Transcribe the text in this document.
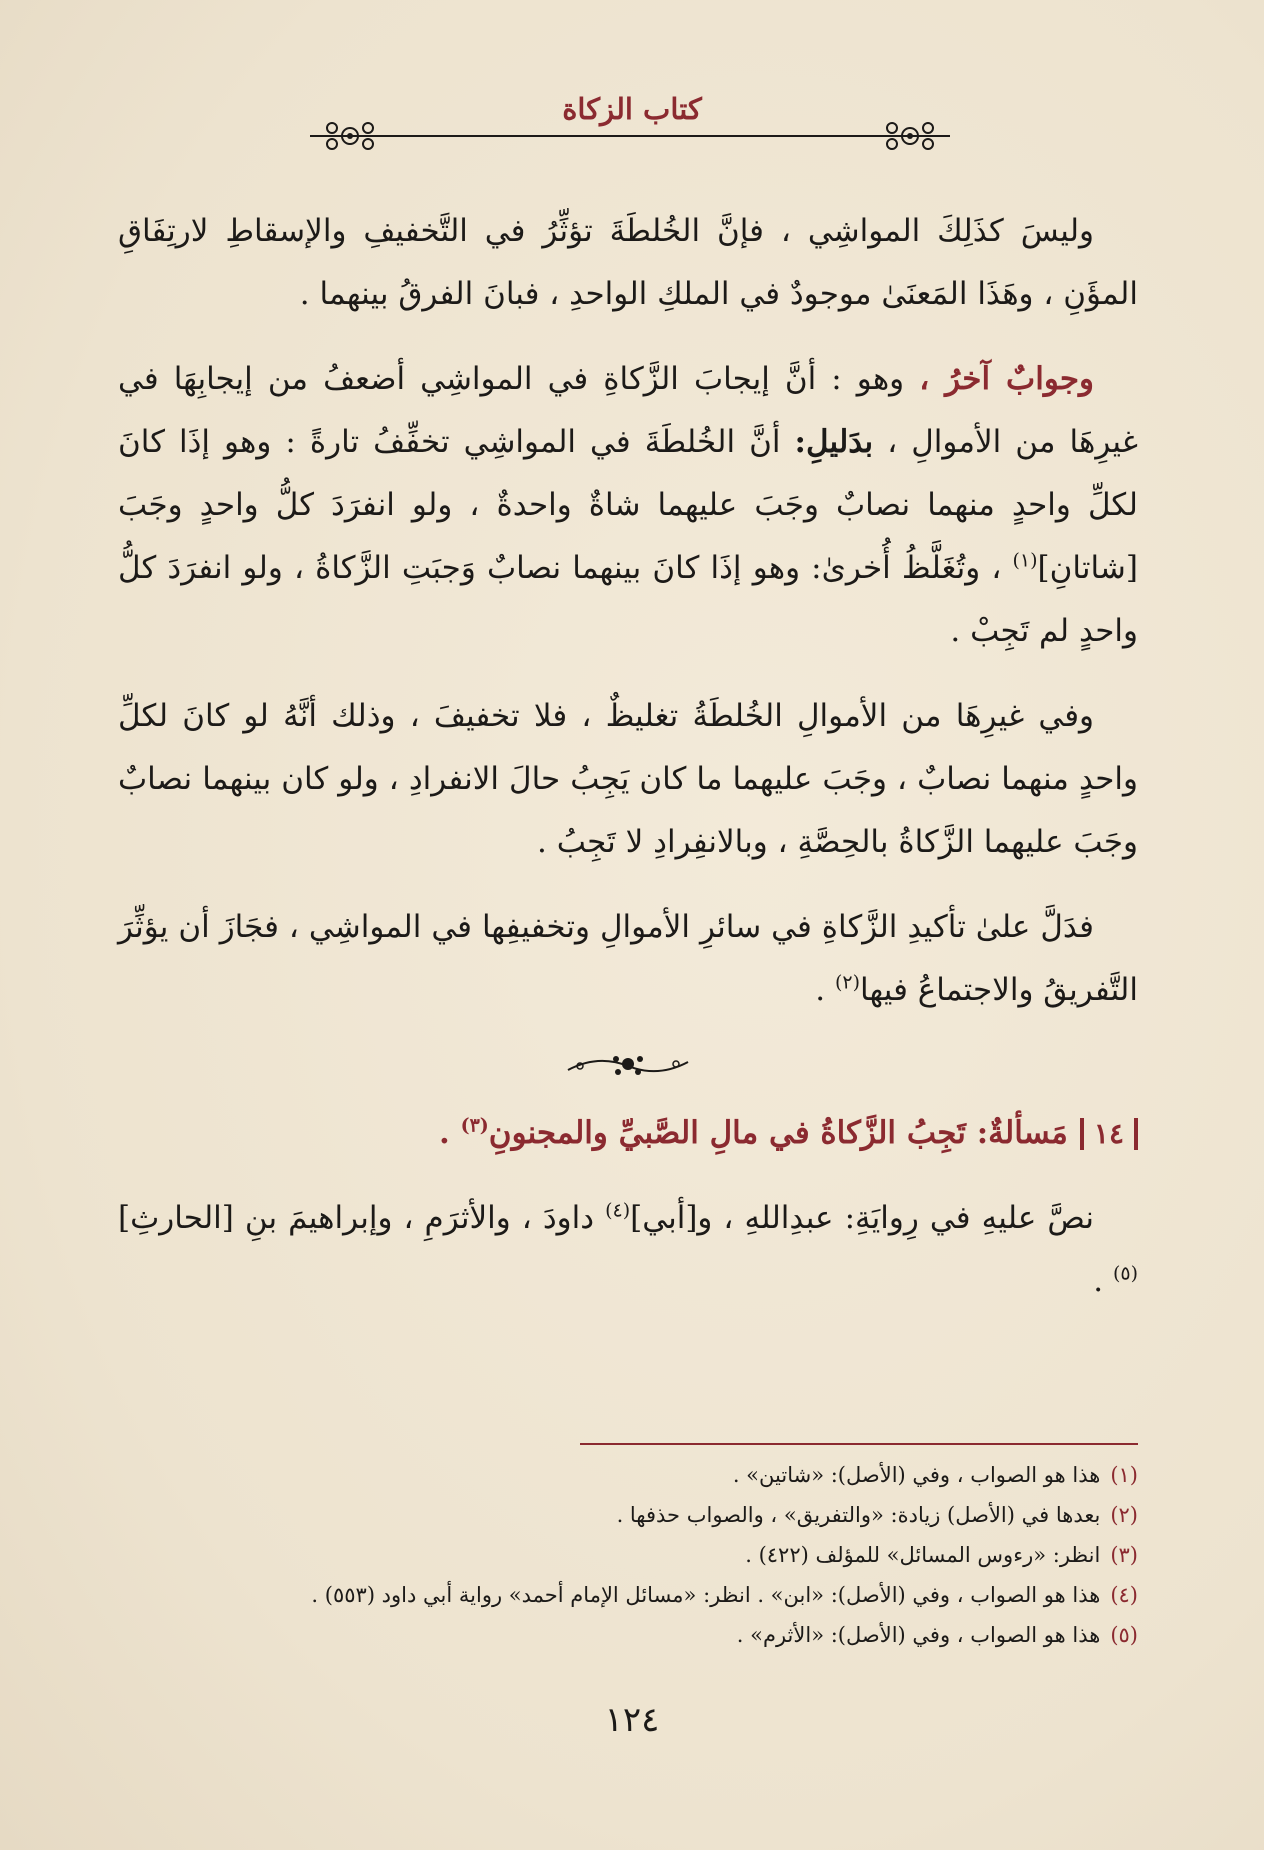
كتاب الزكاة

وليسَ كذَلِكَ المواشِي ، فإنَّ الخُلطَةَ تؤثِّرُ في التَّخفيفِ والإسقاطِ لارتِفَاقِ المؤَنِ ، وهَذَا المَعنَىٰ موجودٌ في الملكِ الواحدِ ، فبانَ الفرقُ بينهما .

وجوابٌ آخرُ ، وهو : أنَّ إيجابَ الزَّكاةِ في المواشِي أضعفُ من إيجابِهَا في غيرِهَا من الأموالِ ، بدَليلِ: أنَّ الخُلطَةَ في المواشِي تخفِّفُ تارةً : وهو إذَا كانَ لكلِّ واحدٍ منهما نصابٌ وجَبَ عليهما شاةٌ واحدةٌ ، ولو انفرَدَ كلُّ واحدٍ وجَبَ [شاتانِ]$^{(١)}$ ، وتُغَلَّظُ أُخرىٰ: وهو إذَا كانَ بينهما نصابٌ وَجبَتِ الزَّكاةُ ، ولو انفرَدَ كلُّ واحدٍ لم تَجِبْ .

وفي غيرِهَا من الأموالِ الخُلطَةُ تغليظٌ ، فلا تخفيفَ ، وذلك أنَّهُ لو كانَ لكلِّ واحدٍ منهما نصابٌ ، وجَبَ عليهما ما كان يَجِبُ حالَ الانفرادِ ، ولو كان بينهما نصابٌ وجَبَ عليهما الزَّكاةُ بالحِصَّةِ ، وبالانفِرادِ لا تَجِبُ .

فدَلَّ علىٰ تأكيدِ الزَّكاةِ في سائرِ الأموالِ وتخفيفِها في المواشِي ، فجَازَ أن يؤثِّرَ التَّفريقُ والاجتماعُ فيها$^{(٢)}$ .

١٤مَسألةٌ: تَجِبُ الزَّكاةُ في مالِ الصَّبيِّ والمجنونِ$^{(٣)}$ .

نصَّ عليهِ في رِوايَةِ: عبدِاللهِ ، و[أبي]$^{(٤)}$ داودَ ، والأثرَمِ ، وإبراهيمَ بنِ [الحارثِ]$^{(٥)}$ .

(١)هذا هو الصواب ، وفي (الأصل): «شاتين» .

(٢)بعدها في (الأصل) زيادة: «والتفريق» ، والصواب حذفها .

(٣)انظر: «رءوس المسائل» للمؤلف (٤٢٢) .

(٤)هذا هو الصواب ، وفي (الأصل): «ابن» . انظر: «مسائل الإمام أحمد» رواية أبي داود (٥٥٣) .

(٥)هذا هو الصواب ، وفي (الأصل): «الأثرم» .

١٢٤
